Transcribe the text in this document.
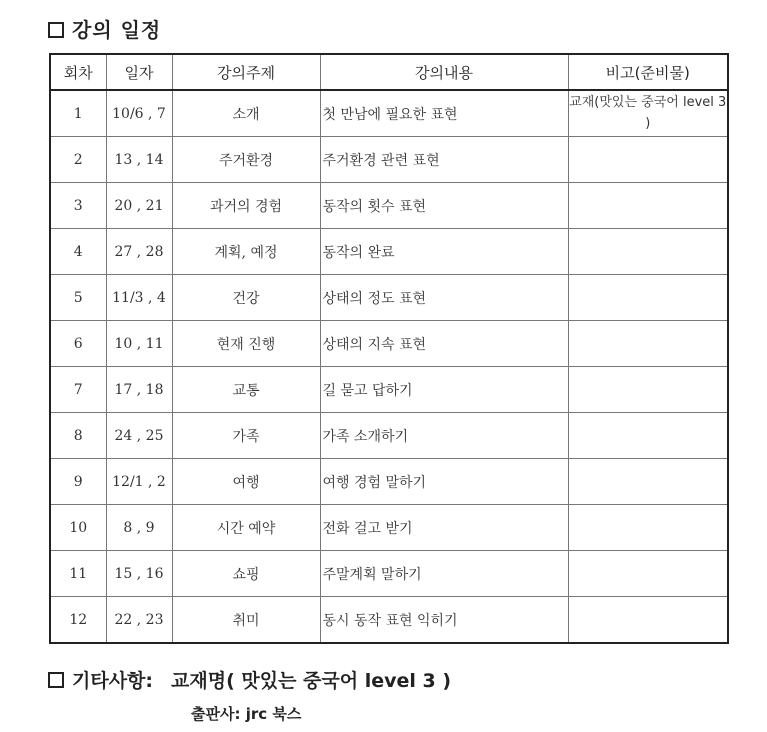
강의 일정
회차	일자	강의주제	강의내용	비고(준비물)
1	10/6 , 7	소개	첫 만남에 필요한 표현	교재(맛있는 중국어 level 3 )
2	13 , 14	주거환경	주거환경 관련 표현	
3	20 , 21	과거의 경험	동작의 횟수 표현	
4	27 , 28	계획, 예정	동작의 완료	
5	11/3 , 4	건강	상태의 정도 표현	
6	10 , 11	현재 진행	상태의 지속 표현	
7	17 , 18	교통	길 묻고 답하기	
8	24 , 25	가족	가족 소개하기	
9	12/1 , 2	여행	여행 경험 말하기	
10	8 , 9	시간 예약	전화 걸고 받기	
11	15 , 16	쇼핑	주말계획 말하기	
12	22 , 23	취미	동시 동작 표현 익히기	
기타사항: 교재명( 맛있는 중국어 level 3 )
출판사: jrc 북스
